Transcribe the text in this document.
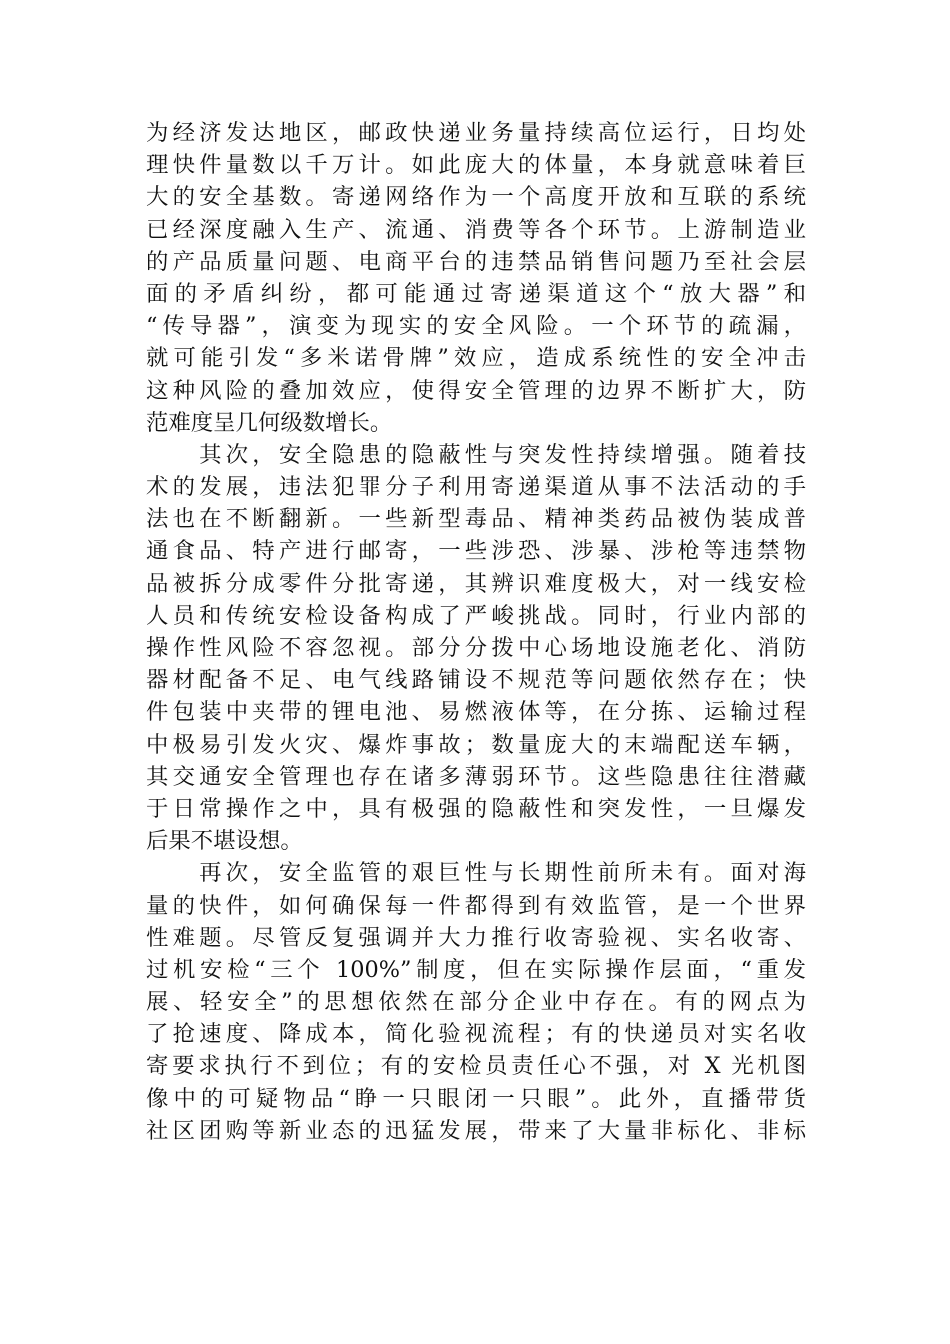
为经济发达地区，邮政快递业务量持续高位运行，日均处
理快件量数以千万计。如此庞大的体量，本身就意味着巨
大的安全基数。寄递网络作为一个高度开放和互联的系统
已经深度融入生产、流通、消费等各个环节。上游制造业
的产品质量问题、电商平台的违禁品销售问题乃至社会层
面的矛盾纠纷，都可能通过寄递渠道这个“放大器”和
“传导器”，演变为现实的安全风险。一个环节的疏漏，
就可能引发“多米诺骨牌”效应，造成系统性的安全冲击
这种风险的叠加效应，使得安全管理的边界不断扩大，防
范难度呈几何级数增长。
　　其次，安全隐患的隐蔽性与突发性持续增强。随着技
术的发展，违法犯罪分子利用寄递渠道从事不法活动的手
法也在不断翻新。一些新型毒品、精神类药品被伪装成普
通食品、特产进行邮寄，一些涉恐、涉暴、涉枪等违禁物
品被拆分成零件分批寄递，其辨识难度极大，对一线安检
人员和传统安检设备构成了严峻挑战。同时，行业内部的
操作性风险不容忽视。部分分拨中心场地设施老化、消防
器材配备不足、电气线路铺设不规范等问题依然存在；快
件包装中夹带的锂电池、易燃液体等，在分拣、运输过程
中极易引发火灾、爆炸事故；数量庞大的末端配送车辆，
其交通安全管理也存在诸多薄弱环节。这些隐患往往潜藏
于日常操作之中，具有极强的隐蔽性和突发性，一旦爆发
后果不堪设想。
　　再次，安全监管的艰巨性与长期性前所未有。面对海
量的快件，如何确保每一件都得到有效监管，是一个世界
性难题。尽管反复强调并大力推行收寄验视、实名收寄、
过机安检“三个 100%”制度，但在实际操作层面，“重发
展、轻安全”的思想依然在部分企业中存在。有的网点为
了抢速度、降成本，简化验视流程；有的快递员对实名收
寄要求执行不到位；有的安检员责任心不强，对 X 光机图
像中的可疑物品“睁一只眼闭一只眼”。此外，直播带货
社区团购等新业态的迅猛发展，带来了大量非标化、非标
